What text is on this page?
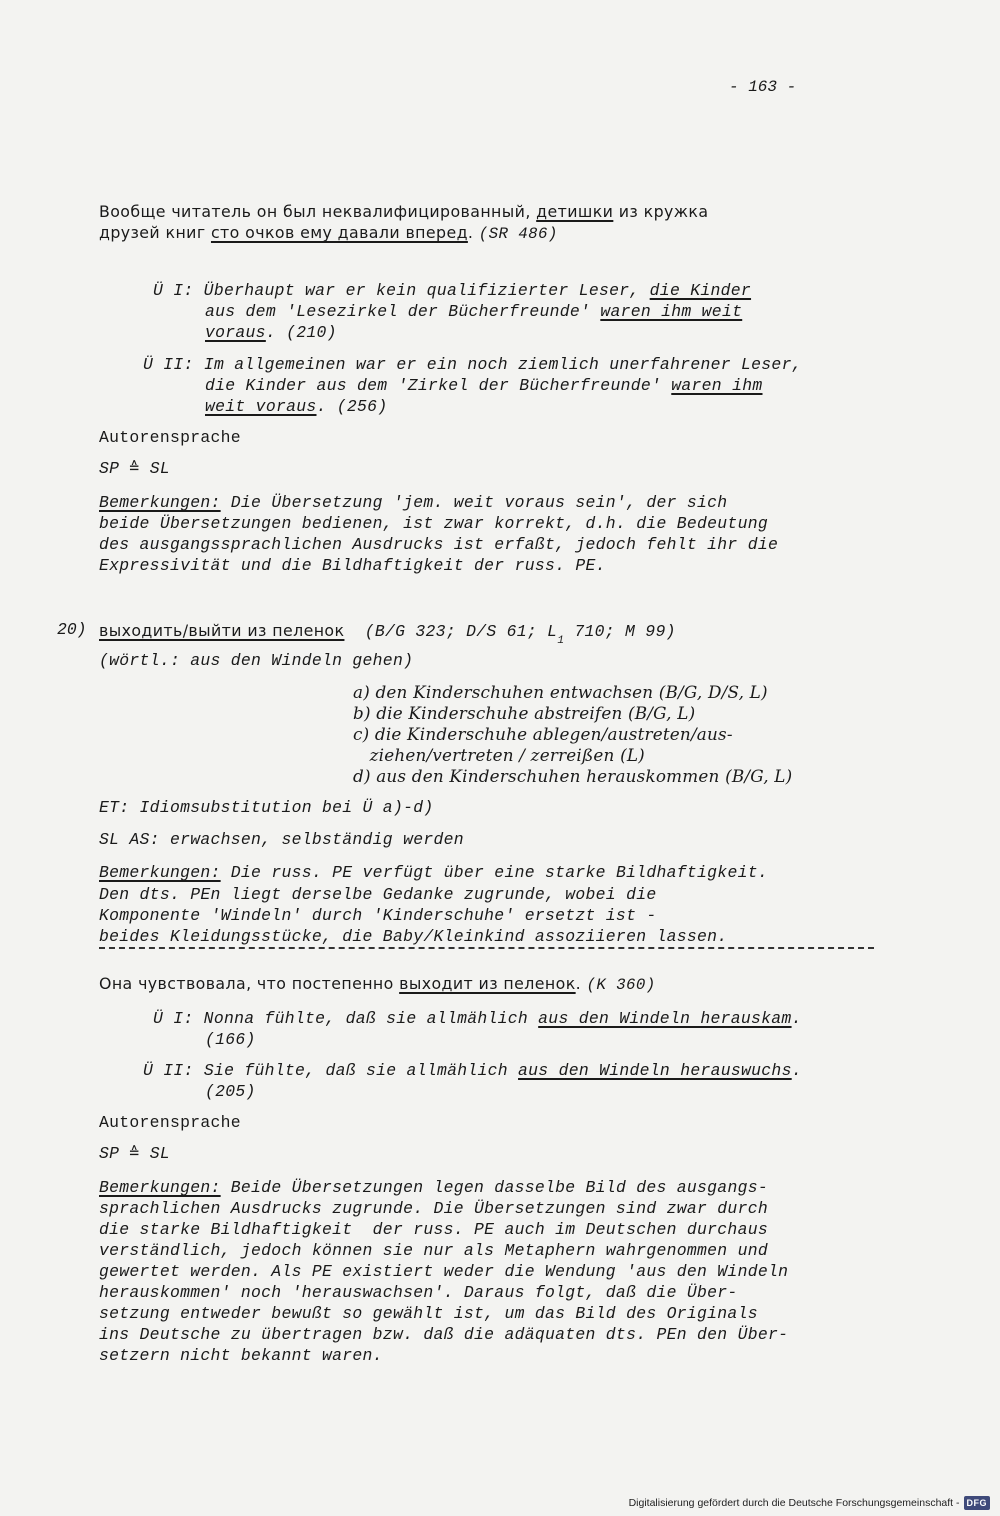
- 163 -
Вообще читатель он был неквалифицированный, детишки из кружка
друзей книг сто очков ему давали вперед. (SR 486)
Ü I: Überhaupt war er kein qualifizierter Leser, die Kinder
aus dem 'Lesezirkel der Bücherfreunde' waren ihm weit
voraus. (210)
Ü II: Im allgemeinen war er ein noch ziemlich unerfahrener Leser,
die Kinder aus dem 'Zirkel der Bücherfreunde' waren ihm
weit voraus. (256)
Autorensprache
SP ≙ SL
Bemerkungen: Die Übersetzung 'jem. weit voraus sein', der sich
beide Übersetzungen bedienen, ist zwar korrekt, d.h. die Bedeutung
des ausgangssprachlichen Ausdrucks ist erfaßt, jedoch fehlt ihr die
Expressivität und die Bildhaftigkeit der russ. PE.
20) выходить/выйти из пеленок  (B/G 323; D/S 61; $L_1$ 710; M 99)
(wörtl.: aus den Windeln gehen)
a) den Kinderschuhen entwachsen (B/G, D/S, L)
b) die Kinderschuhe abstreifen (B/G, L)
c) die Kinderschuhe ablegen/austreten/aus-
ziehen/vertreten / zerreißen (L)
d) aus den Kinderschuhen herauskommen (B/G, L)
ET: Idiomsubstitution bei Ü a)-d)
SL AS: erwachsen, selbständig werden
Bemerkungen: Die russ. PE verfügt über eine starke Bildhaftigkeit.
Den dts. PEn liegt derselbe Gedanke zugrunde, wobei die
Komponente 'Windeln' durch 'Kinderschuhe' ersetzt ist -
beides Kleidungsstücke, die Baby/Kleinkind assoziieren lassen.
Она чувствовала, что постепенно выходит из пеленок. (K 360)
Ü I: Nonna fühlte, daß sie allmählich aus den Windeln herauskam.
(166)
Ü II: Sie fühlte, daß sie allmählich aus den Windeln herauswuchs.
(205)
Autorensprache
SP ≙ SL
Bemerkungen: Beide Übersetzungen legen dasselbe Bild des ausgangs-
sprachlichen Ausdrucks zugrunde. Die Übersetzungen sind zwar durch
die starke Bildhaftigkeit  der russ. PE auch im Deutschen durchaus
verständlich, jedoch können sie nur als Metaphern wahrgenommen und
gewertet werden. Als PE existiert weder die Wendung 'aus den Windeln
herauskommen' noch 'herauswachsen'. Daraus folgt, daß die Über-
setzung entweder bewußt so gewählt ist, um das Bild des Originals
ins Deutsche zu übertragen bzw. daß die adäquaten dts. PEn den Über-
setzern nicht bekannt waren.
Digitalisierung gefördert durch die Deutsche Forschungsgemeinschaft - DFG
